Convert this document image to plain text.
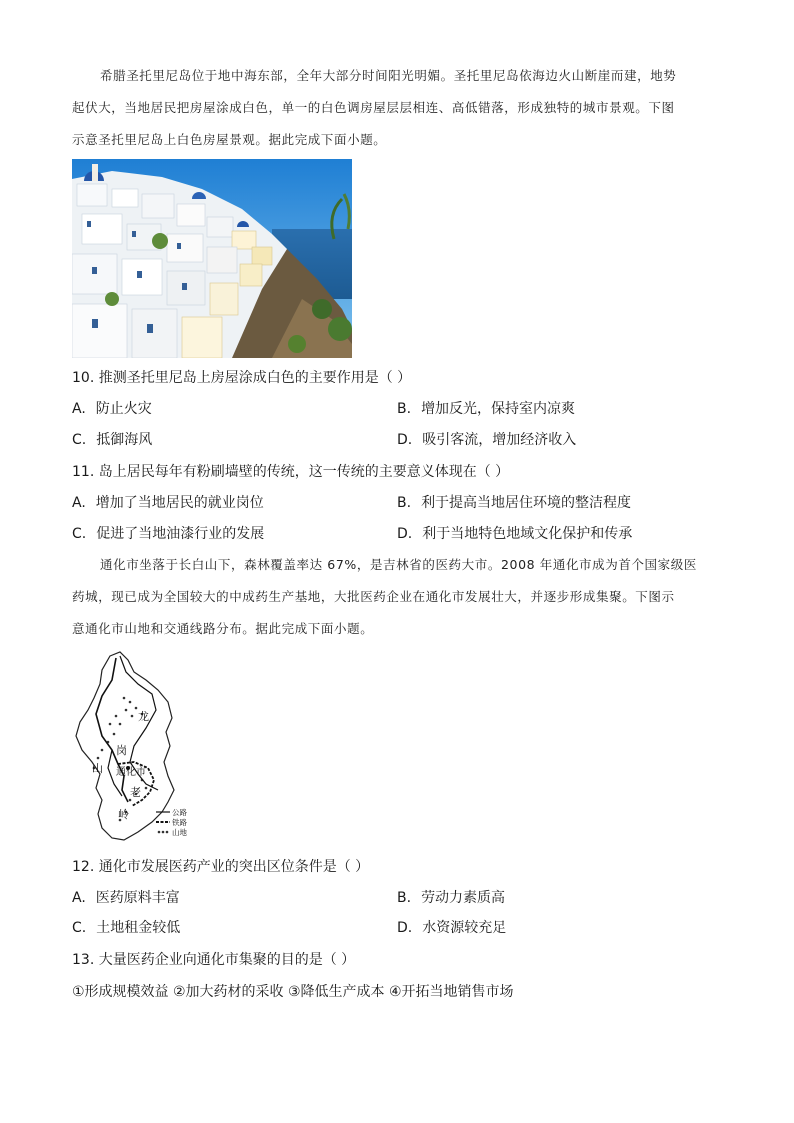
希腊圣托里尼岛位于地中海东部，全年大部分时间阳光明媚。圣托里尼岛依海边火山断崖而建，地势
起伏大，当地居民把房屋涂成白色，单一的白色调房屋层层相连、高低错落，形成独特的城市景观。下图
示意圣托里尼岛上白色房屋景观。据此完成下面小题。
10. 推测圣托里尼岛上房屋涂成白色的主要作用是（ ）
A. 防止火灾	B. 增加反光，保持室内凉爽
C. 抵御海风	D. 吸引客流，增加经济收入
11. 岛上居民每年有粉刷墙壁的传统，这一传统的主要意义体现在（ ）
A. 增加了当地居民的就业岗位	B. 利于提高当地居住环境的整洁程度
C. 促进了当地油漆行业的发展	D. 利于当地特色地域文化保护和传承
通化市坐落于长白山下，森林覆盖率达 67%，是吉林省的医药大市。2008 年通化市成为首个国家级医
药城，现已成为全国较大的中成药生产基地，大批医药企业在通化市发展壮大，并逐步形成集聚。下图示
意通化市山地和交通线路分布。据此完成下面小题。
龙
岗
山 通化市
老
岭	公路
铁路
山地
12. 通化市发展医药产业的突出区位条件是（ ）
A. 医药原料丰富	B. 劳动力素质高
C. 土地租金较低	D. 水资源较充足
13. 大量医药企业向通化市集聚的目的是（ ）
①形成规模效益 ②加大药材的采收 ③降低生产成本 ④开拓当地销售市场
